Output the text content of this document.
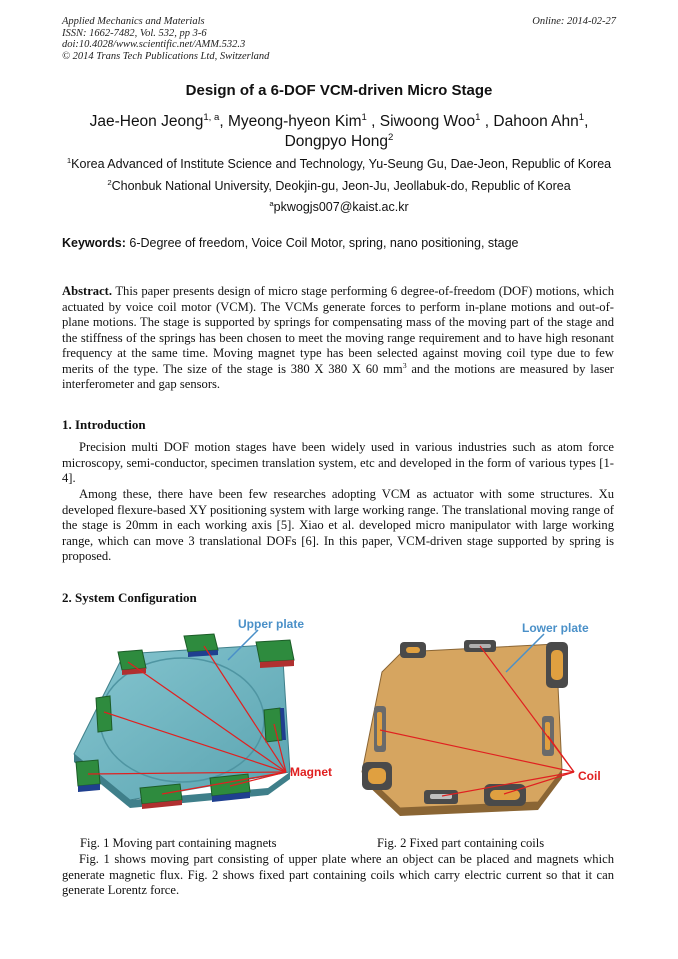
Applied Mechanics and Materials
ISSN: 1662-7482, Vol. 532, pp 3-6
doi:10.4028/www.scientific.net/AMM.532.3
© 2014 Trans Tech Publications Ltd, Switzerland
Online: 2014-02-27
Design of a 6-DOF VCM-driven Micro Stage
Jae-Heon Jeong$^{1, a}$, Myeong-hyeon Kim$^1$ , Siwoong Woo$^1$ , Dahoon Ahn$^1$,
Dongpyo Hong$^2$
$^1$Korea Advanced of Institute Science and Technology, Yu-Seung Gu, Dae-Jeon, Republic of Korea
$^2$Chonbuk National University, Deokjin-gu, Jeon-Ju, Jeollabuk-do, Republic of Korea
$^a$pkwogjs007@kaist.ac.kr
Keywords: 6-Degree of freedom, Voice Coil Motor, spring, nano positioning, stage
Abstract. This paper presents design of micro stage performing 6 degree-of-freedom (DOF) motions, which actuated by voice coil motor (VCM). The VCMs generate forces to perform in-plane motions and out-of-plane motions. The stage is supported by springs for compensating mass of the moving part of the stage and the stiffness of the springs has been chosen to meet the moving range requirement and to have high resonant frequency at the same time. Moving magnet type has been selected against moving coil type due to few merits of the type. The size of the stage is 380 X 380 X 60 $mm^3$ and the motions are measured by laser interferometer and gap sensors.
1. Introduction
Precision multi DOF motion stages have been widely used in various industries such as atom force microscopy, semi-conductor, specimen translation system, etc and developed in the form of various types [1-4].
Among these, there have been few researches adopting VCM as actuator with some structures. Xu developed flexure-based XY positioning system with large working range. The translational moving range of the stage is 20mm in each working axis [5]. Xiao et al. developed micro manipulator with large working range, which can move 3 translational DOFs [6]. In this paper, VCM-driven stage supported by spring is proposed.
2. System Configuration
Upper plate
Magnet
Lower plate
Coil
Fig. 1 Moving part containing magnets	Fig. 2 Fixed part containing coils
Fig. 1 shows moving part consisting of upper plate where an object can be placed and magnets which generate magnetic flux. Fig. 2 shows fixed part containing coils which carry electric current so that it can generate Lorentz force.
